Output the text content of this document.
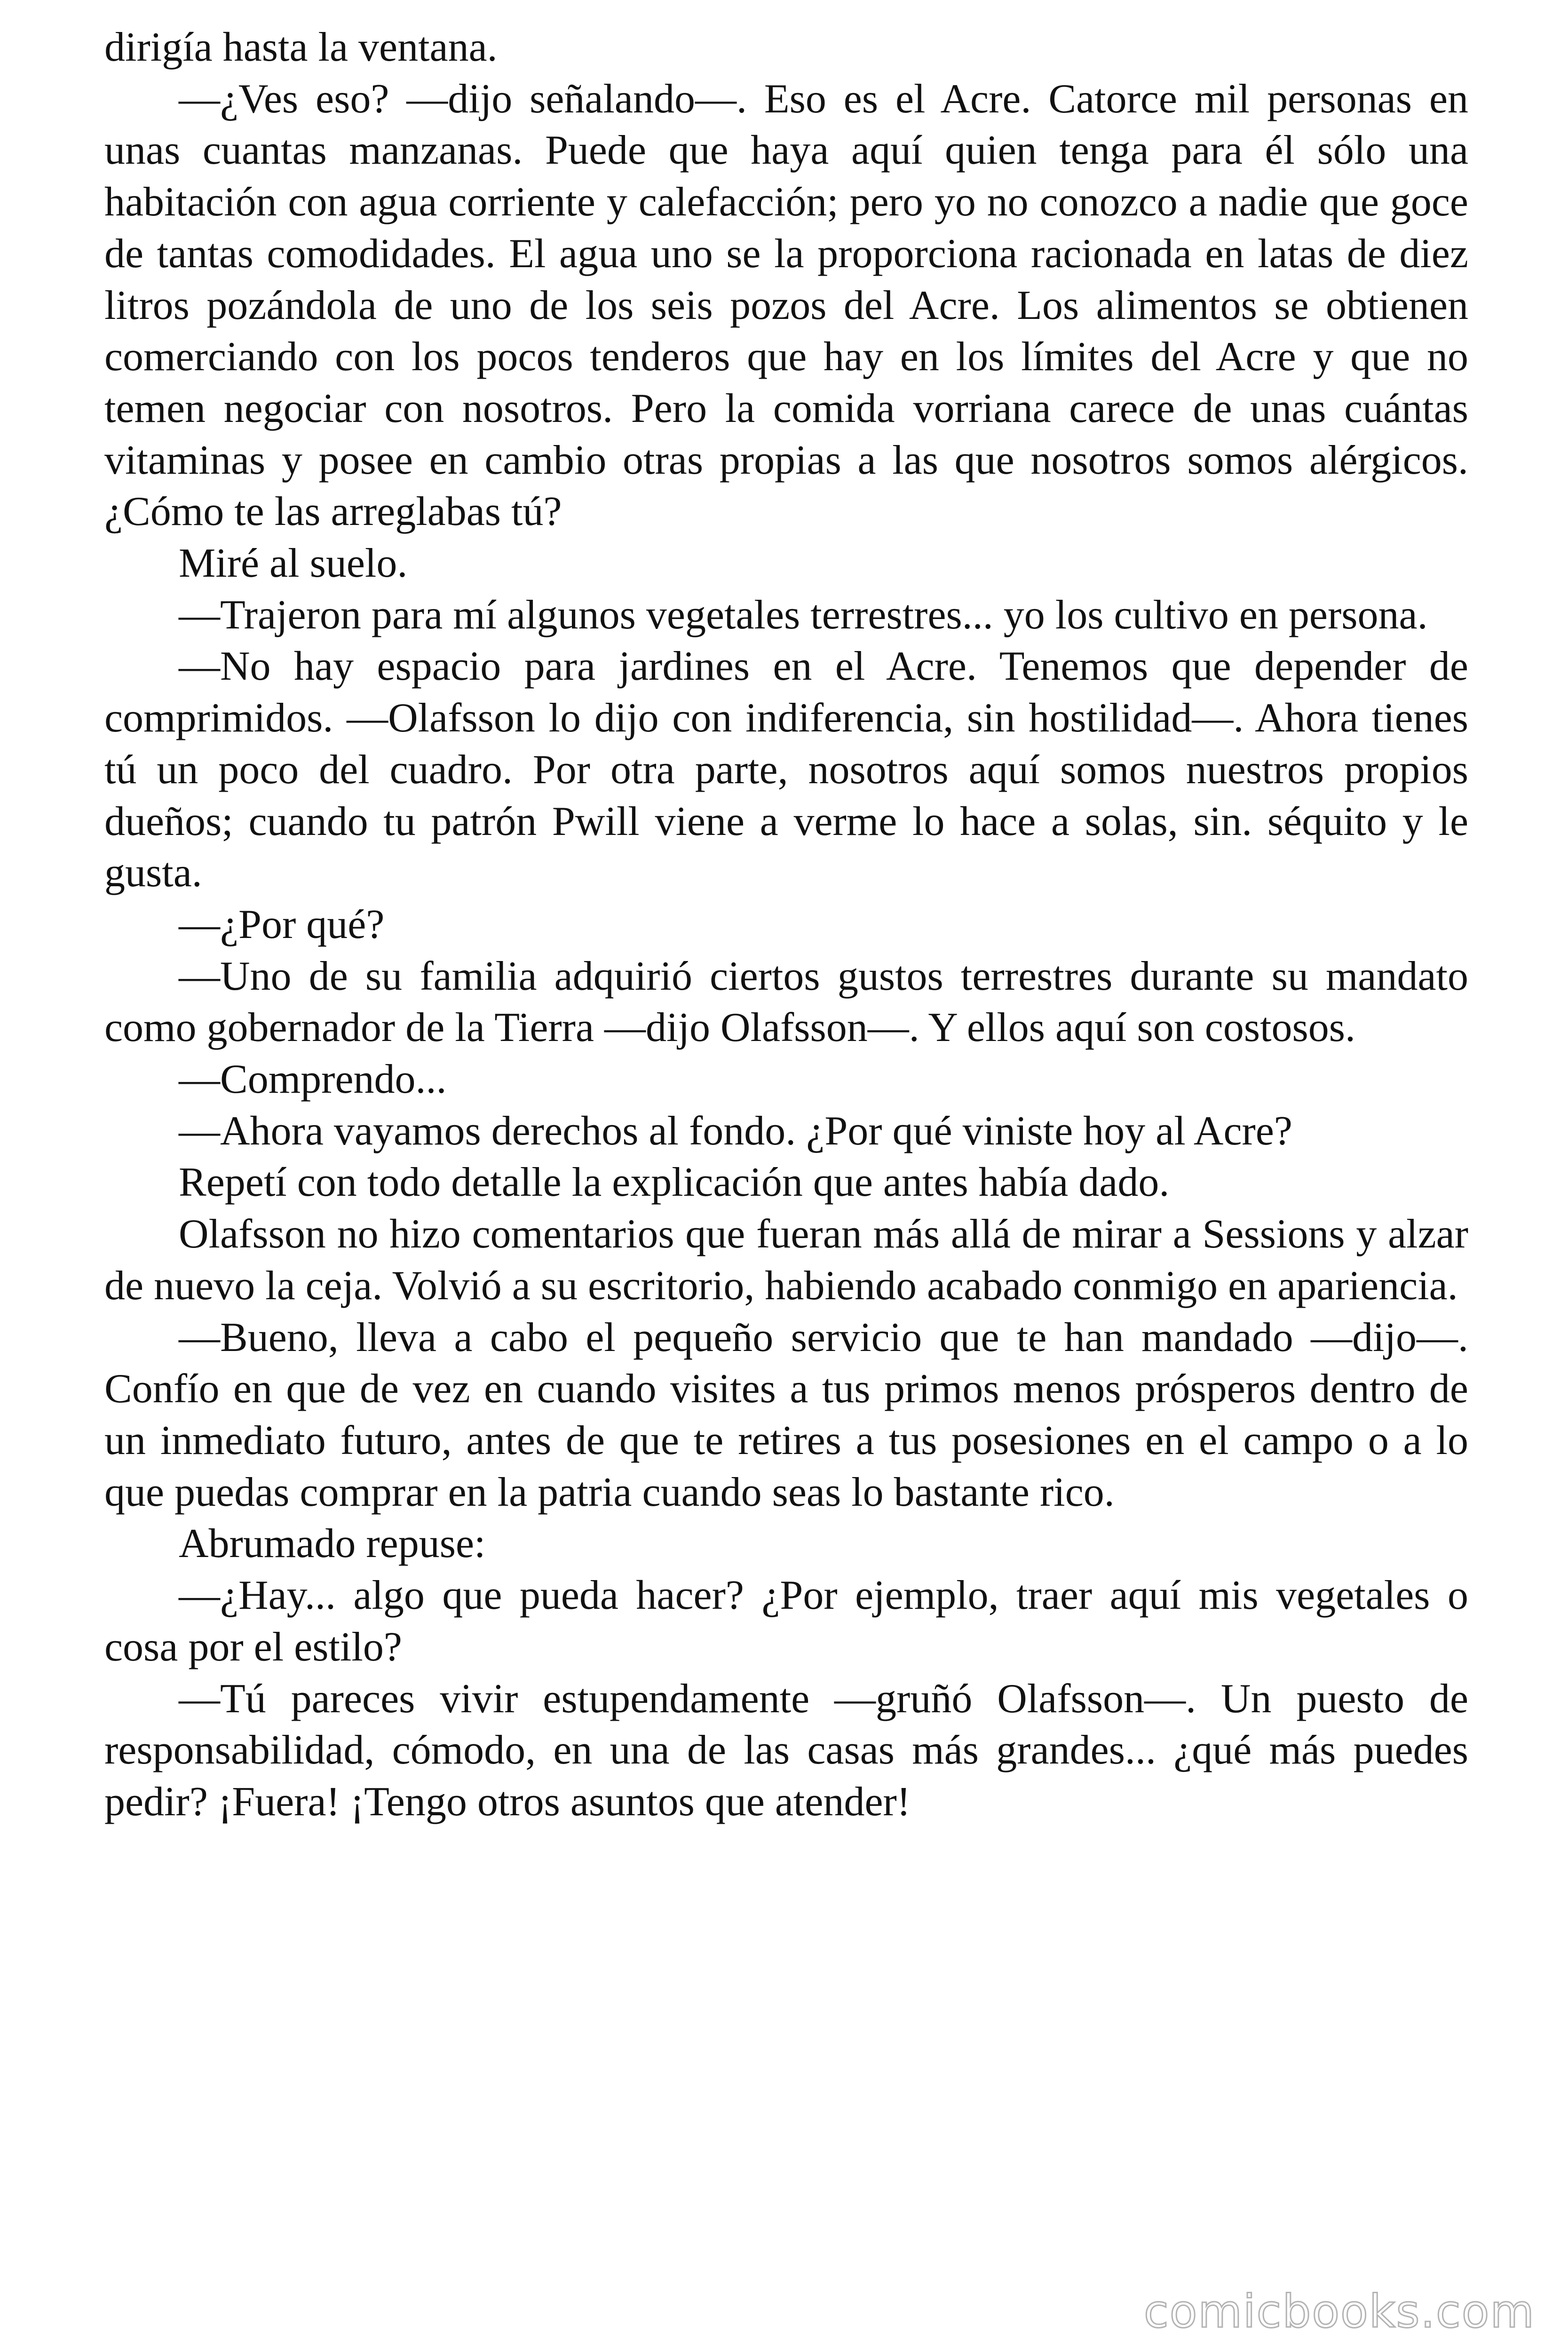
dirigía hasta la ventana.

—¿Ves eso? —dijo señalando—. Eso es el Acre. Catorce mil personas en unas cuantas manzanas. Puede que haya aquí quien tenga para él sólo una habitación con agua corriente y calefacción; pero yo no conozco a nadie que goce de tantas comodidades. El agua uno se la proporciona racionada en latas de diez litros pozándola de uno de los seis pozos del Acre. Los alimentos se obtienen comerciando con los pocos tenderos que hay en los límites del Acre y que no temen negociar con nosotros. Pero la comida vorriana carece de unas cuántas vitaminas y posee en cambio otras propias a las que nosotros somos alérgicos. ¿Cómo te las arreglabas tú?

Miré al suelo.

—Trajeron para mí algunos vegetales terrestres... yo los cultivo en persona.

—No hay espacio para jardines en el Acre. Tenemos que depender de comprimidos. —Olafsson lo dijo con indiferencia, sin hostilidad—. Ahora tienes tú un poco del cuadro. Por otra parte, nosotros aquí somos nuestros propios dueños; cuando tu patrón Pwill viene a verme lo hace a solas, sin. séquito y le gusta.

—¿Por qué?

—Uno de su familia adquirió ciertos gustos terrestres durante su mandato como gobernador de la Tierra —dijo Olafsson—. Y ellos aquí son costosos.

—Comprendo...

—Ahora vayamos derechos al fondo. ¿Por qué viniste hoy al Acre?

Repetí con todo detalle la explicación que antes había dado.

Olafsson no hizo comentarios que fueran más allá de mirar a Sessions y alzar de nuevo la ceja. Volvió a su escritorio, habiendo acabado conmigo en apariencia.

—Bueno, lleva a cabo el pequeño servicio que te han mandado —dijo—. Confío en que de vez en cuando visites a tus primos menos prósperos dentro de un inmediato futuro, antes de que te retires a tus posesiones en el campo o a lo que puedas comprar en la patria cuando seas lo bastante rico.

Abrumado repuse:

—¿Hay... algo que pueda hacer? ¿Por ejemplo, traer aquí mis vegetales o cosa por el estilo?

—Tú pareces vivir estupendamente —gruñó Olafsson—. Un puesto de responsabilidad, cómodo, en una de las casas más grandes... ¿qué más puedes pedir? ¡Fuera! ¡Tengo otros asuntos que atender!

comicbooks.com
